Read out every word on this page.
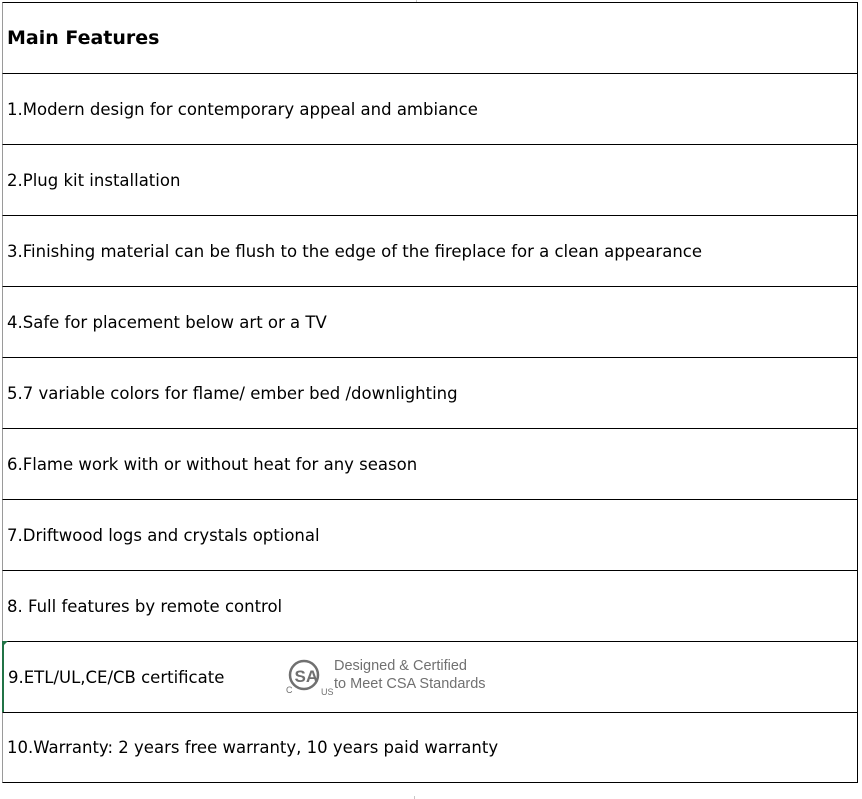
Main Features
1.Modern design for contemporary appeal and ambiance
2.Plug kit installation
3.Finishing material can be flush to the edge of the fireplace for a clean appearance
4.Safe for placement below art or a TV
5.7 variable colors for flame/ ember bed /downlighting
6.Flame work with or without heat for any season
7.Driftwood logs and crystals optional
8. Full features by remote control
9.ETL/UL,CE/CB certificate	SA
C	US
Designed & Certified
to Meet CSA Standards
10.Warranty: 2 years free warranty, 10 years paid warranty
